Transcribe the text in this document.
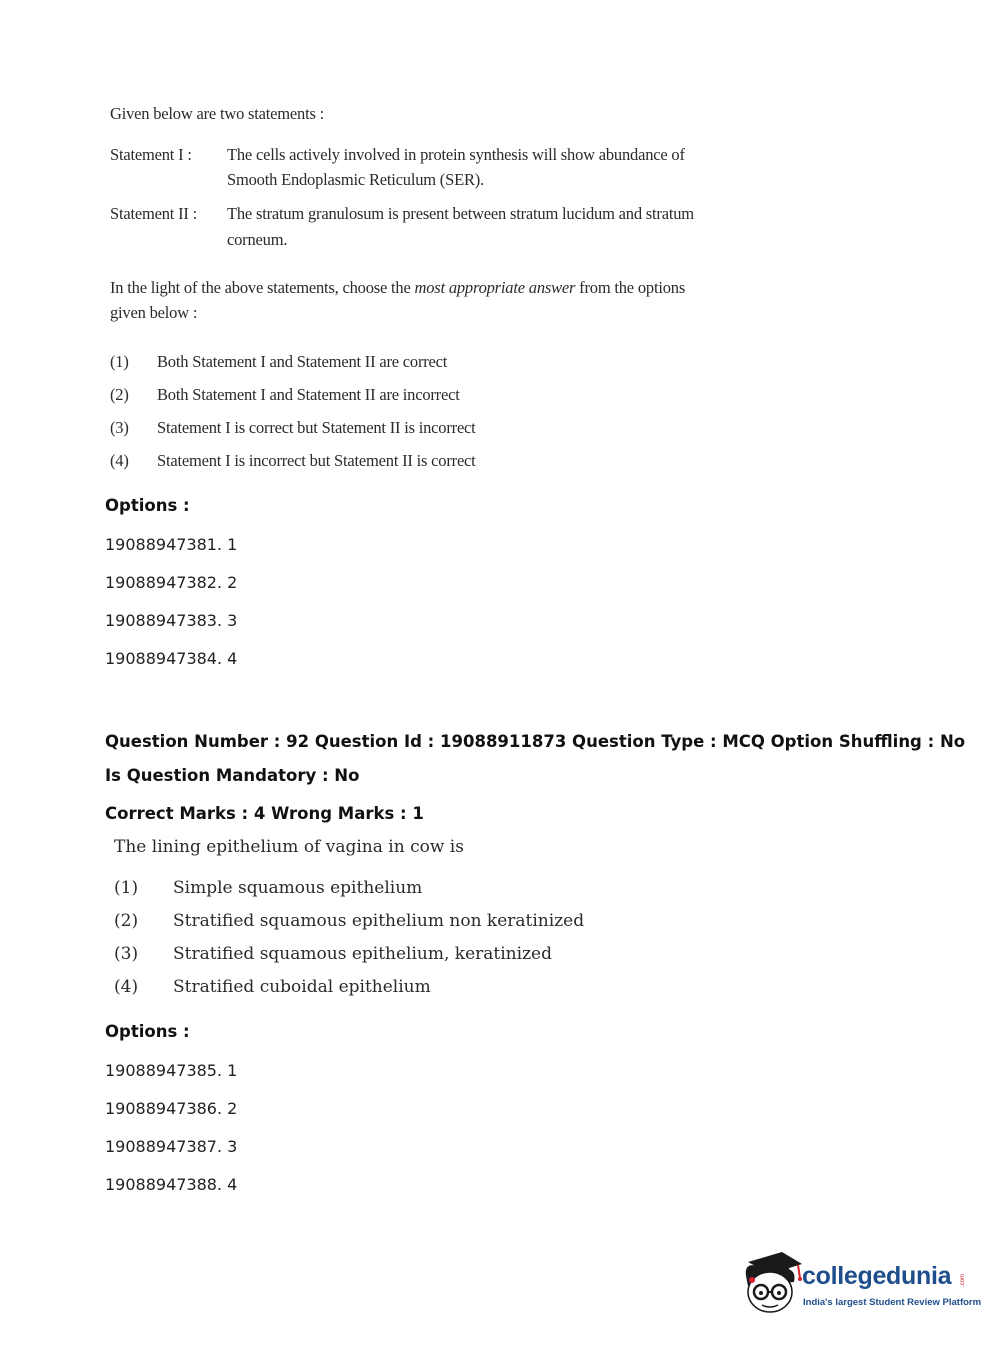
Given below are two statements :
Statement I : The cells actively involved in protein synthesis will show abundance of
Smooth Endoplasmic Reticulum (SER).
Statement II : The stratum granulosum is present between stratum lucidum and stratum
corneum.
In the light of the above statements, choose the most appropriate answer from the options
given below :
(1) Both Statement I and Statement II are correct
(2) Both Statement I and Statement II are incorrect
(3) Statement I is correct but Statement II is incorrect
(4) Statement I is incorrect but Statement II is correct
Options :
19088947381. 1
19088947382. 2
19088947383. 3
19088947384. 4
Question Number : 92 Question Id : 19088911873 Question Type : MCQ Option Shuffling : No
Is Question Mandatory : No
Correct Marks : 4 Wrong Marks : 1
The lining epithelium of vagina in cow is
(1) Simple squamous epithelium
(2) Stratified squamous epithelium non keratinized
(3) Stratified squamous epithelium, keratinized
(4) Stratified cuboidal epithelium
Options :
19088947385. 1
19088947386. 2
19088947387. 3
19088947388. 4
collegedunia .com
India's largest Student Review Platform
